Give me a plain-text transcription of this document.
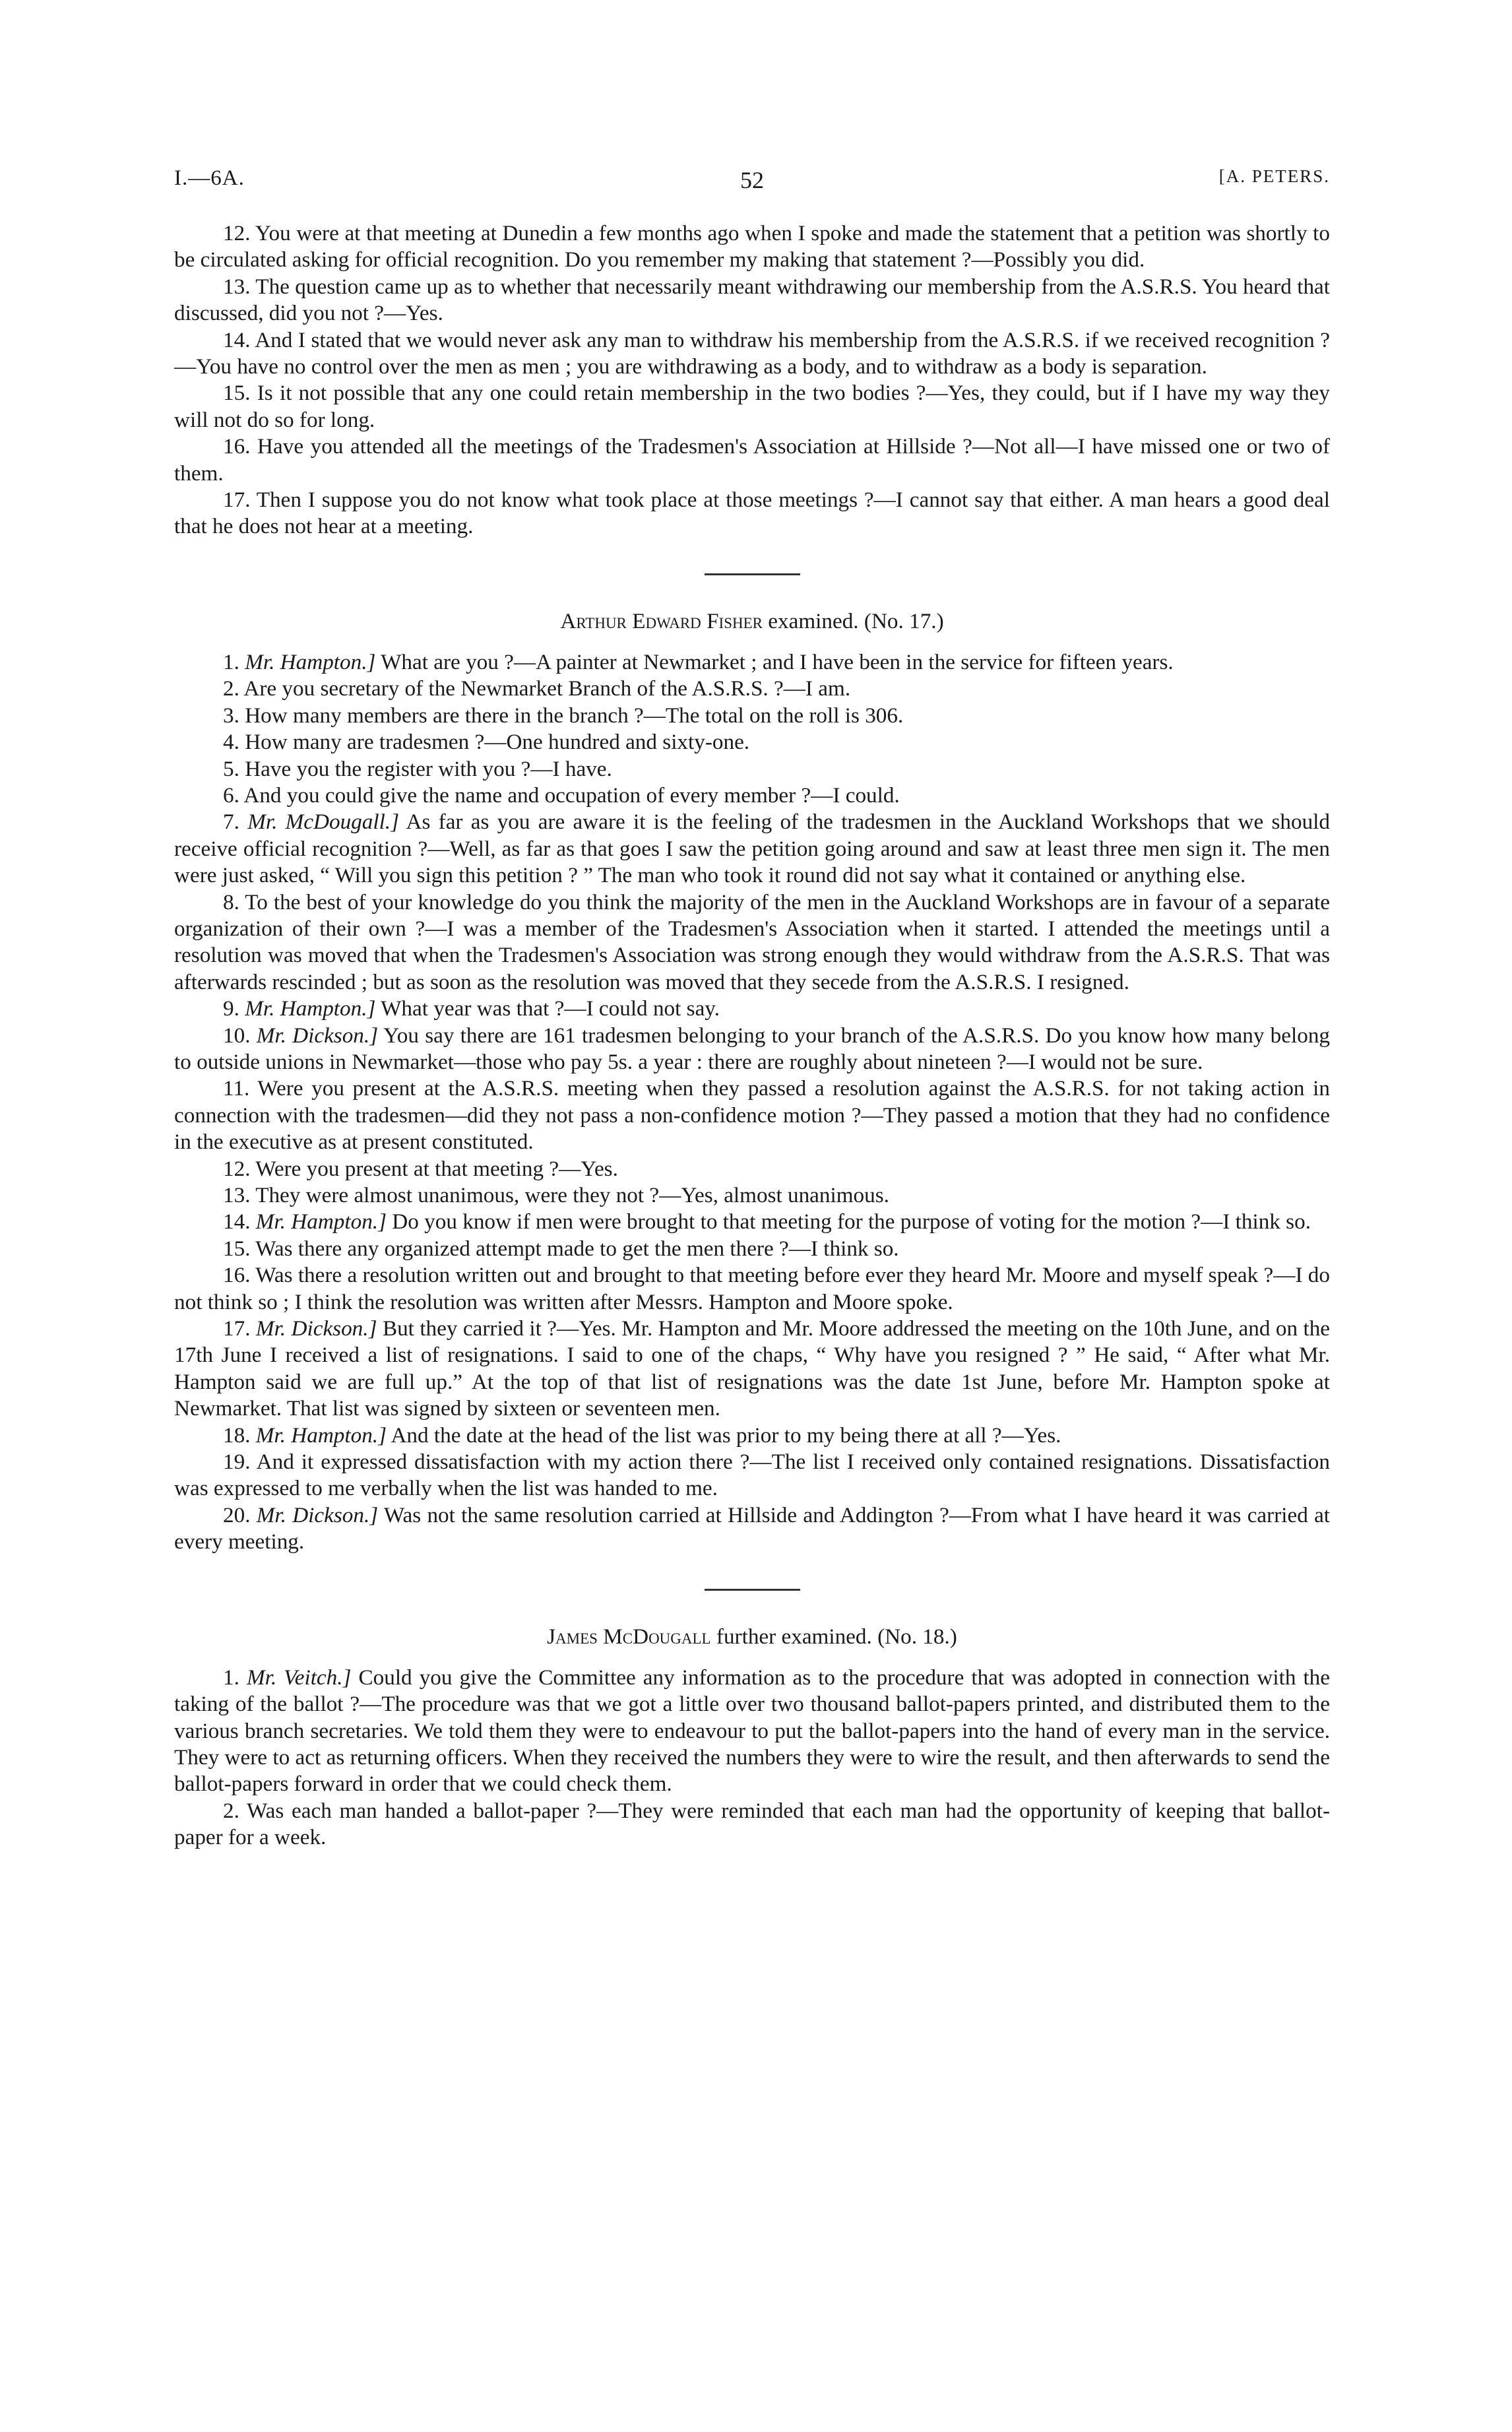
I.—6A.	52	[A. PETERS.

12. You were at that meeting at Dunedin a few months ago when I spoke and made the statement that a petition was shortly to be circulated asking for official recognition. Do you remember my making that statement ?—Possibly you did.

13. The question came up as to whether that necessarily meant withdrawing our membership from the A.S.R.S. You heard that discussed, did you not ?—Yes.

14. And I stated that we would never ask any man to withdraw his membership from the A.S.R.S. if we received recognition ?—You have no control over the men as men ; you are withdrawing as a body, and to withdraw as a body is separation.

15. Is it not possible that any one could retain membership in the two bodies ?—Yes, they could, but if I have my way they will not do so for long.

16. Have you attended all the meetings of the Tradesmen's Association at Hillside ?—Not all—I have missed one or two of them.

17. Then I suppose you do not know what took place at those meetings ?—I cannot say that either. A man hears a good deal that he does not hear at a meeting.

Arthur Edward Fisher examined. (No. 17.)

1. Mr. Hampton.] What are you ?—A painter at Newmarket ; and I have been in the service for fifteen years.

2. Are you secretary of the Newmarket Branch of the A.S.R.S. ?—I am.

3. How many members are there in the branch ?—The total on the roll is 306.

4. How many are tradesmen ?—One hundred and sixty-one.

5. Have you the register with you ?—I have.

6. And you could give the name and occupation of every member ?—I could.

7. Mr. McDougall.] As far as you are aware it is the feeling of the tradesmen in the Auckland Workshops that we should receive official recognition ?—Well, as far as that goes I saw the petition going around and saw at least three men sign it. The men were just asked, “ Will you sign this petition ? ” The man who took it round did not say what it contained or anything else.

8. To the best of your knowledge do you think the majority of the men in the Auckland Workshops are in favour of a separate organization of their own ?—I was a member of the Tradesmen's Association when it started. I attended the meetings until a resolution was moved that when the Tradesmen's Association was strong enough they would withdraw from the A.S.R.S. That was afterwards rescinded ; but as soon as the resolution was moved that they secede from the A.S.R.S. I resigned.

9. Mr. Hampton.] What year was that ?—I could not say.

10. Mr. Dickson.] You say there are 161 tradesmen belonging to your branch of the A.S.R.S. Do you know how many belong to outside unions in Newmarket—those who pay 5s. a year : there are roughly about nineteen ?—I would not be sure.

11. Were you present at the A.S.R.S. meeting when they passed a resolution against the A.S.R.S. for not taking action in connection with the tradesmen—did they not pass a non-confidence motion ?—They passed a motion that they had no confidence in the executive as at present constituted.

12. Were you present at that meeting ?—Yes.

13. They were almost unanimous, were they not ?—Yes, almost unanimous.

14. Mr. Hampton.] Do you know if men were brought to that meeting for the purpose of voting for the motion ?—I think so.

15. Was there any organized attempt made to get the men there ?—I think so.

16. Was there a resolution written out and brought to that meeting before ever they heard Mr. Moore and myself speak ?—I do not think so ; I think the resolution was written after Messrs. Hampton and Moore spoke.

17. Mr. Dickson.] But they carried it ?—Yes. Mr. Hampton and Mr. Moore addressed the meeting on the 10th June, and on the 17th June I received a list of resignations. I said to one of the chaps, “ Why have you resigned ? ” He said, “ After what Mr. Hampton said we are full up.” At the top of that list of resignations was the date 1st June, before Mr. Hampton spoke at Newmarket. That list was signed by sixteen or seventeen men.

18. Mr. Hampton.] And the date at the head of the list was prior to my being there at all ?—Yes.

19. And it expressed dissatisfaction with my action there ?—The list I received only contained resignations. Dissatisfaction was expressed to me verbally when the list was handed to me.

20. Mr. Dickson.] Was not the same resolution carried at Hillside and Addington ?—From what I have heard it was carried at every meeting.

James McDougall further examined. (No. 18.)

1. Mr. Veitch.] Could you give the Committee any information as to the procedure that was adopted in connection with the taking of the ballot ?—The procedure was that we got a little over two thousand ballot-papers printed, and distributed them to the various branch secretaries. We told them they were to endeavour to put the ballot-papers into the hand of every man in the service. They were to act as returning officers. When they received the numbers they were to wire the result, and then afterwards to send the ballot-papers forward in order that we could check them.

2. Was each man handed a ballot-paper ?—They were reminded that each man had the opportunity of keeping that ballot-paper for a week.
